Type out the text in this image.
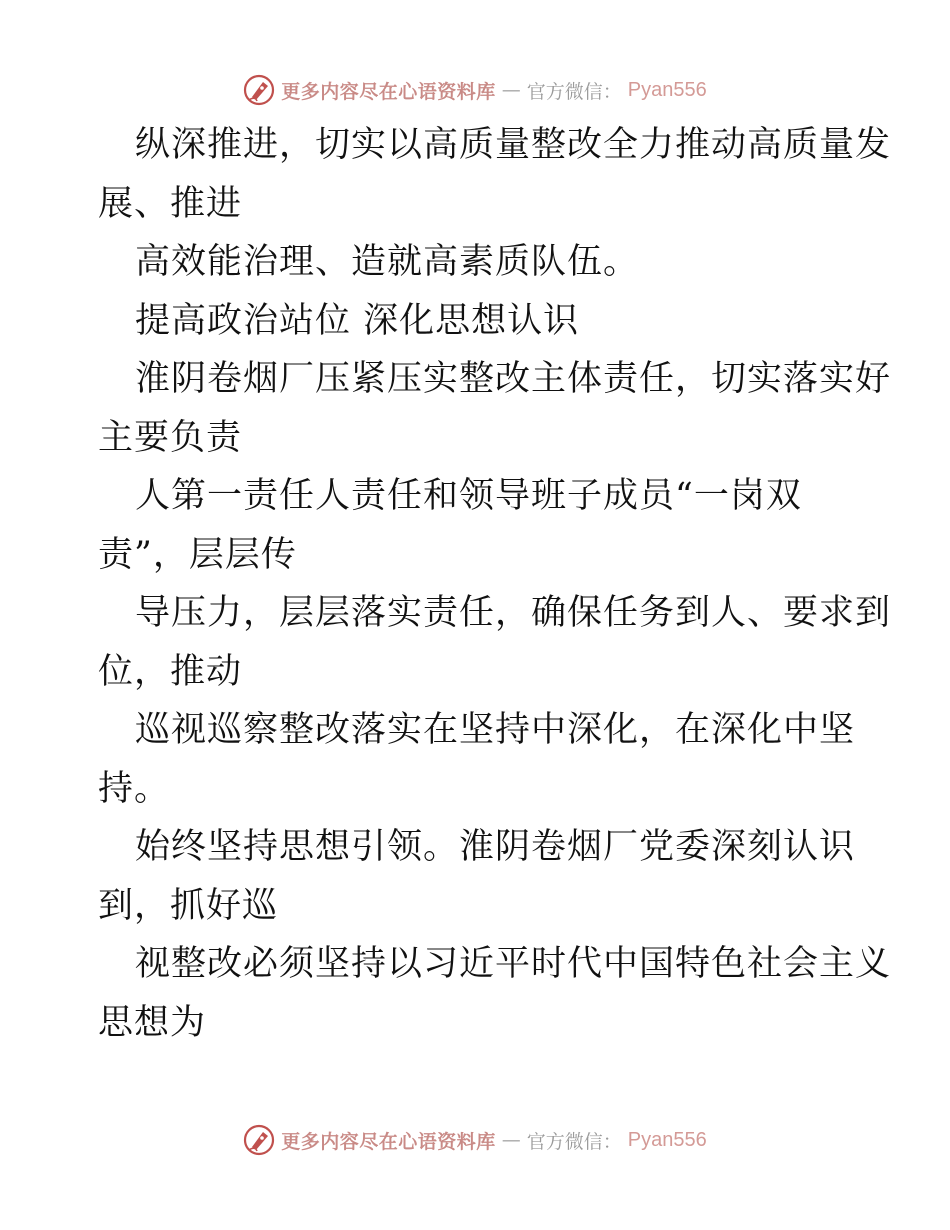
更多内容尽在心语资料库 — 官方微信： Pyan556
纵深推进，切实以高质量整改全力推动高质量发
展、推进
高效能治理、造就高素质队伍。
提高政治站位 深化思想认识
淮阴卷烟厂压紧压实整改主体责任，切实落实好
主要负责
人第一责任人责任和领导班子成员“一岗双
责”，层层传
导压力，层层落实责任，确保任务到人、要求到
位，推动
巡视巡察整改落实在坚持中深化，在深化中坚
持。
始终坚持思想引领。淮阴卷烟厂党委深刻认识
到，抓好巡
视整改必须坚持以习近平时代中国特色社会主义
思想为
更多内容尽在心语资料库 — 官方微信： Pyan556
